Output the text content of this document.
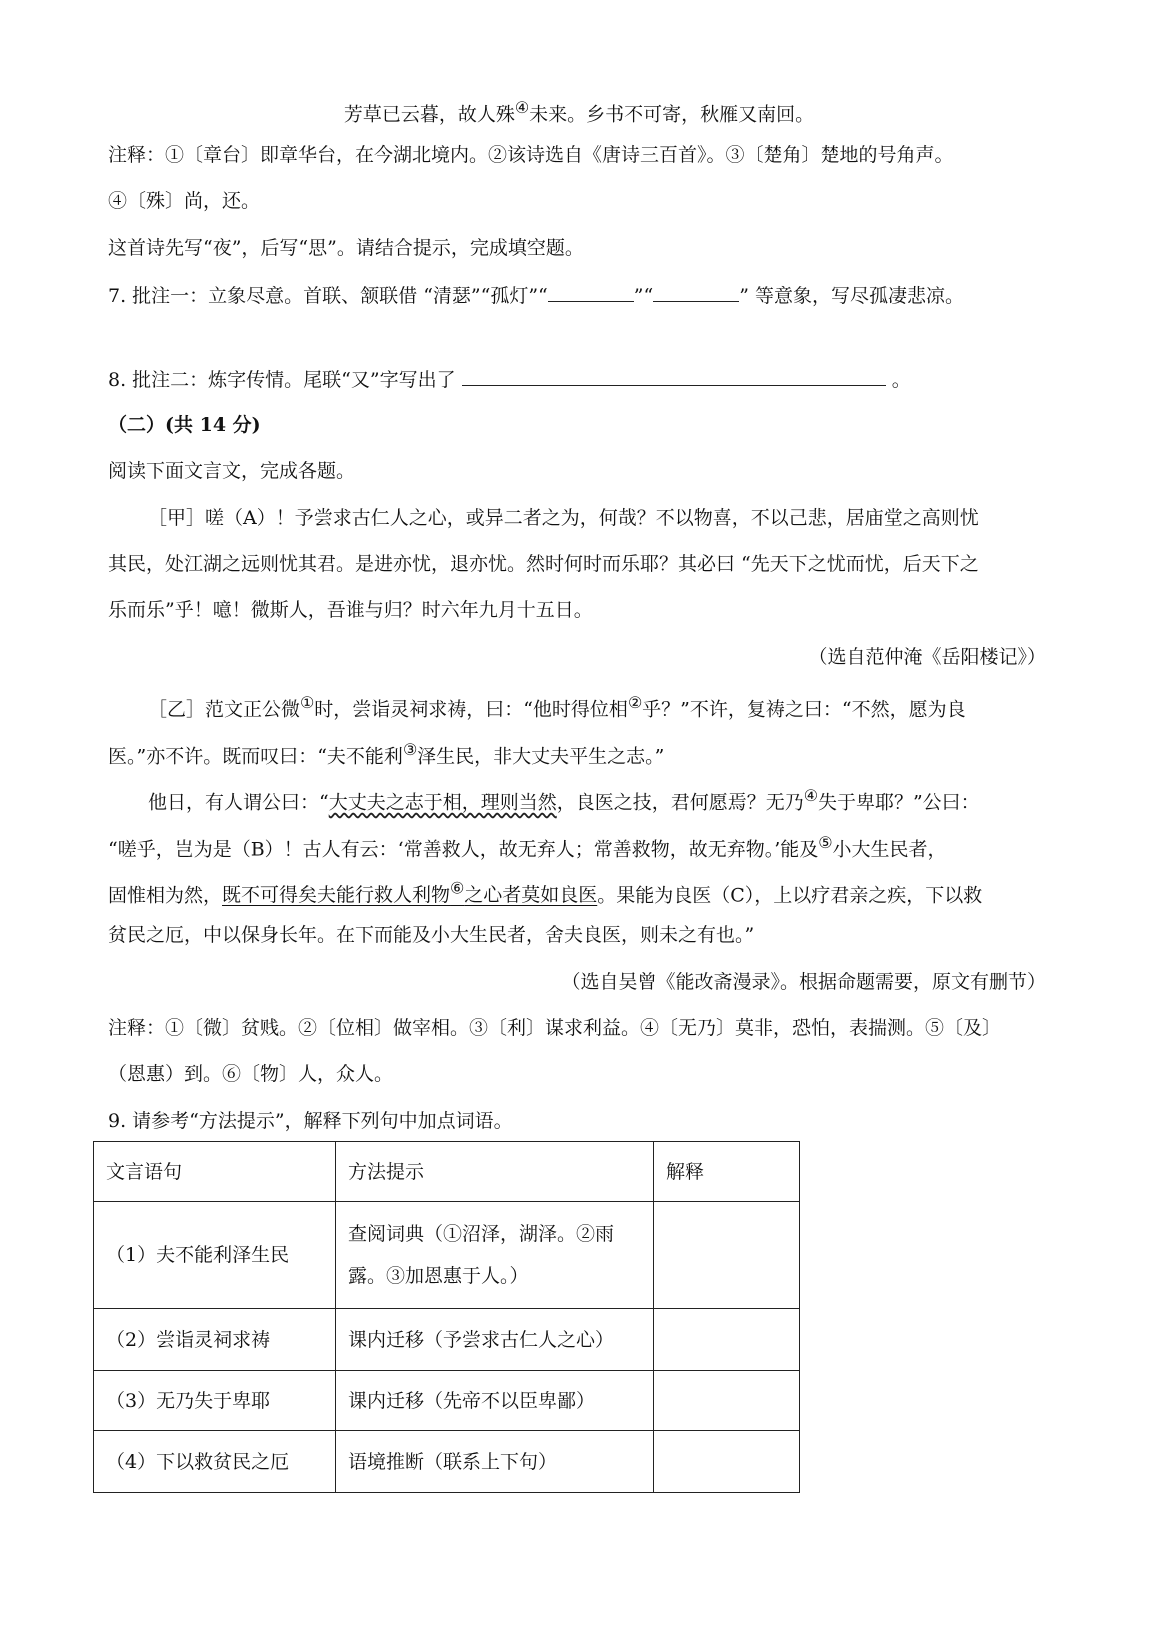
芳草已云暮，故人殊④未来。乡书不可寄，秋雁又南回。
注释：①〔章台〕即章华台，在今湖北境内。②该诗选自《唐诗三百首》。③〔楚角〕楚地的号角声。
④〔殊〕尚，还。
这首诗先写“夜”，后写“思”。请结合提示，完成填空题。
7. 批注一：立象尽意。首联、颔联借 “清瑟”“孤灯”“	”“	” 等意象，写尽孤凄悲凉。
8. 批注二：炼字传情。尾联“又”字写出了	。
（二）(共 14 分)
阅读下面文言文，完成各题。
［甲］嗟（A）！予尝求古仁人之心，或异二者之为，何哉？不以物喜，不以己悲，居庙堂之高则忧
其民，处江湖之远则忧其君。是进亦忧，退亦忧。然时何时而乐耶？其必曰 “先天下之忧而忧，后天下之
乐而乐”乎！噫！微斯人，吾谁与归？时六年九月十五日。
（选自范仲淹《岳阳楼记》）
［乙］范文正公微①时，尝诣灵祠求祷，曰：“他时得位相②乎？”不许，复祷之曰：“不然，愿为良
医。”亦不许。既而叹曰：“夫不能利③泽生民，非大丈夫平生之志。”
他日，有人谓公曰：“大丈夫之志于相，理则当然，良医之技，君何愿焉？无乃④失于卑耶？”公曰：
“嗟乎，岂为是（B）！古人有云：‘常善救人，故无弃人；常善救物，故无弃物。’能及⑤小大生民者，
固惟相为然，既不可得矣夫能行救人利物⑥之心者莫如良医。果能为良医（C），上以疗君亲之疾，下以救
贫民之厄，中以保身长年。在下而能及小大生民者，舍夫良医，则未之有也。”
（选自吴曾《能改斋漫录》。根据命题需要，原文有删节）
注释：①〔微〕贫贱。②〔位相〕做宰相。③〔利〕谋求利益。④〔无乃〕莫非，恐怕，表揣测。⑤〔及〕
（恩惠）到。⑥〔物〕人，众人。
9. 请参考“方法提示”，解释下列句中加点词语。
文言语句	方法提示	解释
（1）夫不能利泽生民	查阅词典（①沼泽，湖泽。②雨
露。③加恩惠于人。）	

（2）尝诣灵祠求祷	课内迁移（予尝求古仁人之心）	
（3）无乃失于卑耶	课内迁移（先帝不以臣卑鄙）	
（4）下以救贫民之厄	语境推断（联系上下句）	
